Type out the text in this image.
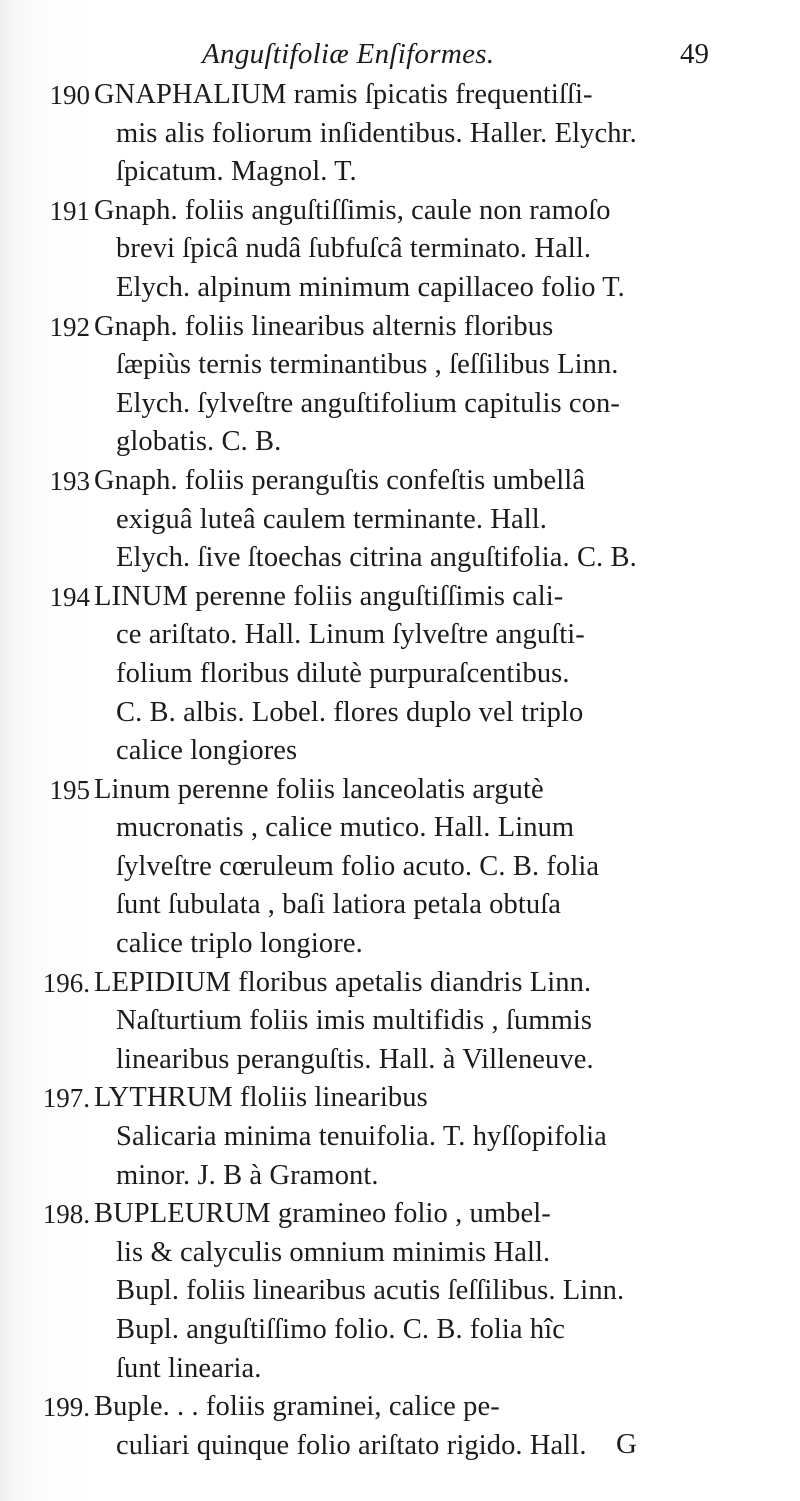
Anguſtifoliæ Enſiformes.	49
190 GNAPHALIUM ramis ſpicatis frequentiſſi-
mis alis foliorum inſidentibus. Haller. Elychr.
ſpicatum. Magnol. T.
191 Gnaph. foliis anguſtiſſimis, caule non ramoſo
brevi ſpicâ nudâ ſubfuſcâ terminato. Hall.
Elych. alpinum minimum capillaceo folio T.
192 Gnaph. foliis linearibus alternis floribus
ſæpiùs ternis terminantibus , ſeſſilibus Linn.
Elych. ſylveſtre anguſtifolium capitulis con-
globatis. C. B.
193 Gnaph. foliis peranguſtis confeſtis umbellâ
exiguâ luteâ caulem terminante. Hall.
Elych. ſive ſtoechas citrina anguſtifolia. C. B.
194 LINUM perenne foliis anguſtiſſimis cali-
ce ariſtato. Hall. Linum ſylveſtre anguſti-
folium floribus dilutè purpuraſcentibus.
C. B. albis. Lobel. flores duplo vel triplo
calice longiores
195 Linum perenne foliis lanceolatis argutè
mucronatis , calice mutico. Hall. Linum
ſylveſtre cœruleum folio acuto. C. B. folia
ſunt ſubulata , baſi latiora petala obtuſa
calice triplo longiore.
196. LEPIDIUM floribus apetalis diandris Linn.
Naſturtium foliis imis multifidis , ſummis
linearibus peranguſtis. Hall. à Villeneuve.
197. LYTHRUM floliis linearibus
Salicaria minima tenuifolia. T. hyſſopifolia
minor. J. B à Gramont.
198. BUPLEURUM gramineo folio , umbel-
lis & calyculis omnium minimis Hall.
Bupl. foliis linearibus acutis ſeſſilibus. Linn.
Bupl. anguſtiſſimo folio. C. B. folia hîc
ſunt linearia.
199. Buple. . . foliis graminei, calice pe-
culiari quinque folio ariſtato rigido. Hall.	G
